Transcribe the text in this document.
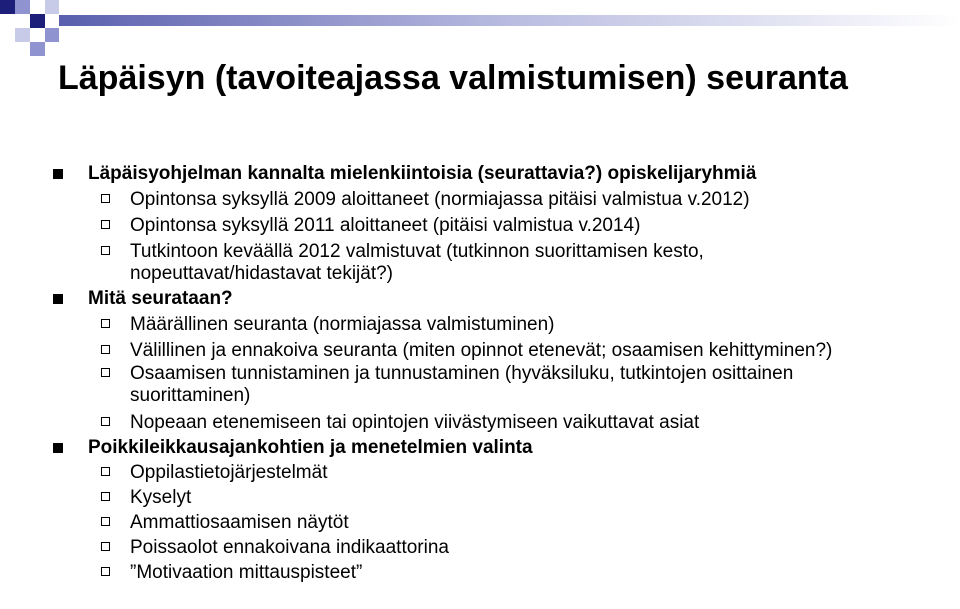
Läpäisyn (tavoiteajassa valmistumisen) seuranta
Läpäisyohjelman kannalta mielenkiintoisia (seurattavia?) opiskelijaryhmiä
Opintonsa syksyllä 2009 aloittaneet (normiajassa pitäisi valmistua v.2012)
Opintonsa syksyllä 2011 aloittaneet (pitäisi valmistua v.2014)
Tutkintoon keväällä 2012 valmistuvat (tutkinnon suorittamisen kesto, nopeuttavat/hidastavat tekijät?)
Mitä seurataan?
Määrällinen seuranta (normiajassa valmistuminen)
Välillinen ja ennakoiva seuranta (miten opinnot etenevät; osaamisen kehittyminen?)
Osaamisen tunnistaminen ja tunnustaminen (hyväksiluku, tutkintojen osittainen suorittaminen)
Nopeaan etenemiseen tai opintojen viivästymiseen vaikuttavat asiat
Poikkileikkausajankohtien ja menetelmien valinta
Oppilastietojärjestelmät
Kyselyt
Ammattiosaamisen näytöt
Poissaolot ennakoivana indikaattorina
”Motivaation mittauspisteet”
